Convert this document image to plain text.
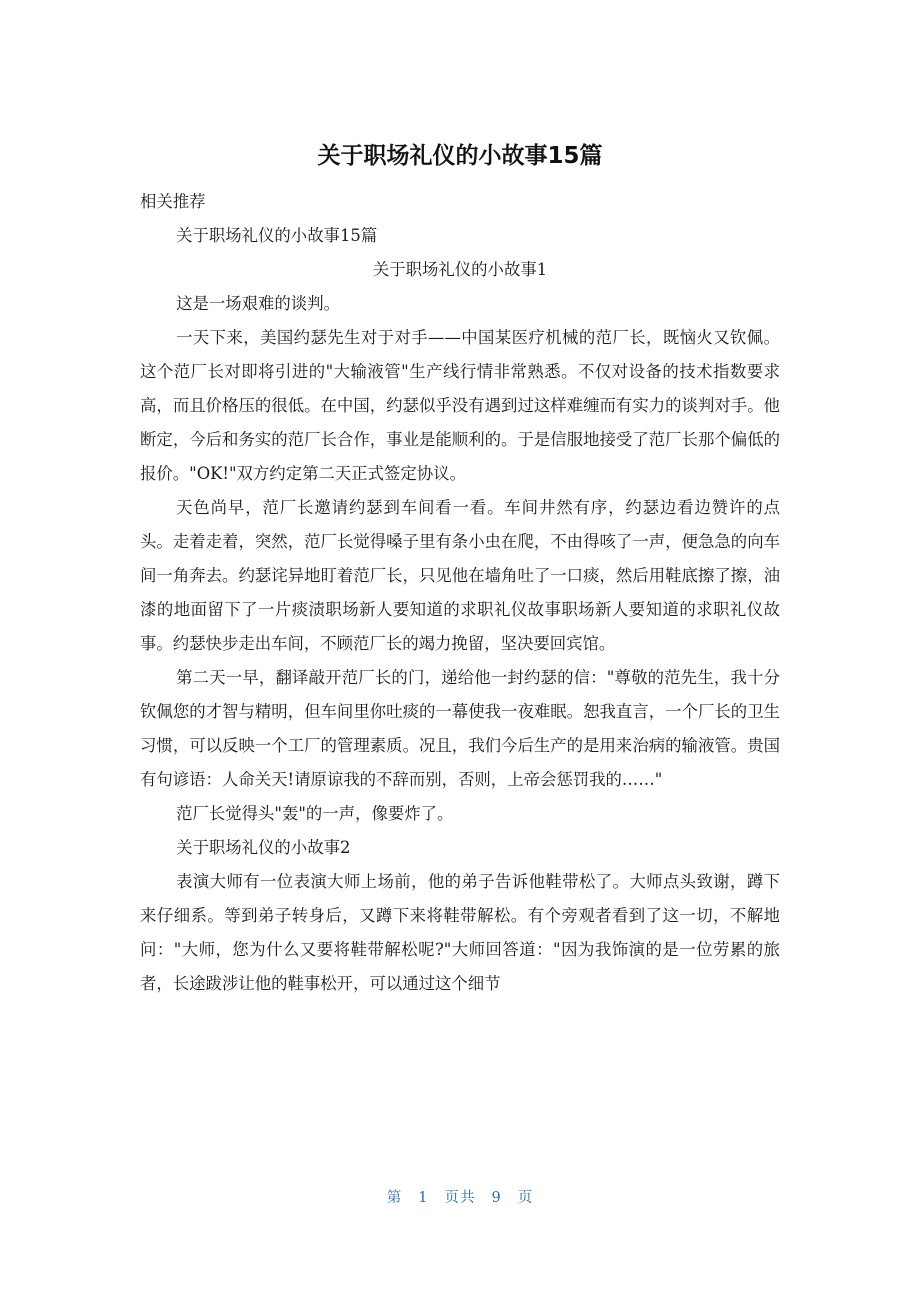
关于职场礼仪的小故事15篇

相关推荐

关于职场礼仪的小故事15篇

关于职场礼仪的小故事1

这是一场艰难的谈判。

一天下来，美国约瑟先生对于对手——中国某医疗机械的范厂长，既恼火又钦佩。这个范厂长对即将引进的"大输液管"生产线行情非常熟悉。不仅对设备的技术指数要求高，而且价格压的很低。在中国，约瑟似乎没有遇到过这样难缠而有实力的谈判对手。他断定，今后和务实的范厂长合作，事业是能顺利的。于是信服地接受了范厂长那个偏低的报价。"OK!"双方约定第二天正式签定协议。

天色尚早，范厂长邀请约瑟到车间看一看。车间井然有序，约瑟边看边赞许的点头。走着走着，突然，范厂长觉得嗓子里有条小虫在爬，不由得咳了一声，便急急的向车间一角奔去。约瑟诧异地盯着范厂长，只见他在墙角吐了一口痰，然后用鞋底擦了擦，油漆的地面留下了一片痰渍职场新人要知道的求职礼仪故事职场新人要知道的求职礼仪故事。约瑟快步走出车间，不顾范厂长的竭力挽留，坚决要回宾馆。

第二天一早，翻译敲开范厂长的门，递给他一封约瑟的信："尊敬的范先生，我十分钦佩您的才智与精明，但车间里你吐痰的一幕使我一夜难眠。恕我直言，一个厂长的卫生习惯，可以反映一个工厂的管理素质。况且，我们今后生产的是用来治病的输液管。贵国有句谚语：人命关天!请原谅我的不辞而别，否则，上帝会惩罚我的……"

范厂长觉得头"轰"的一声，像要炸了。

关于职场礼仪的小故事2

表演大师有一位表演大师上场前，他的弟子告诉他鞋带松了。大师点头致谢，蹲下来仔细系。等到弟子转身后，又蹲下来将鞋带解松。有个旁观者看到了这一切，不解地问："大师，您为什么又要将鞋带解松呢?"大师回答道："因为我饰演的是一位劳累的旅者，长途跋涉让他的鞋事松开，可以通过这个细节

第 1 页共 9 页
